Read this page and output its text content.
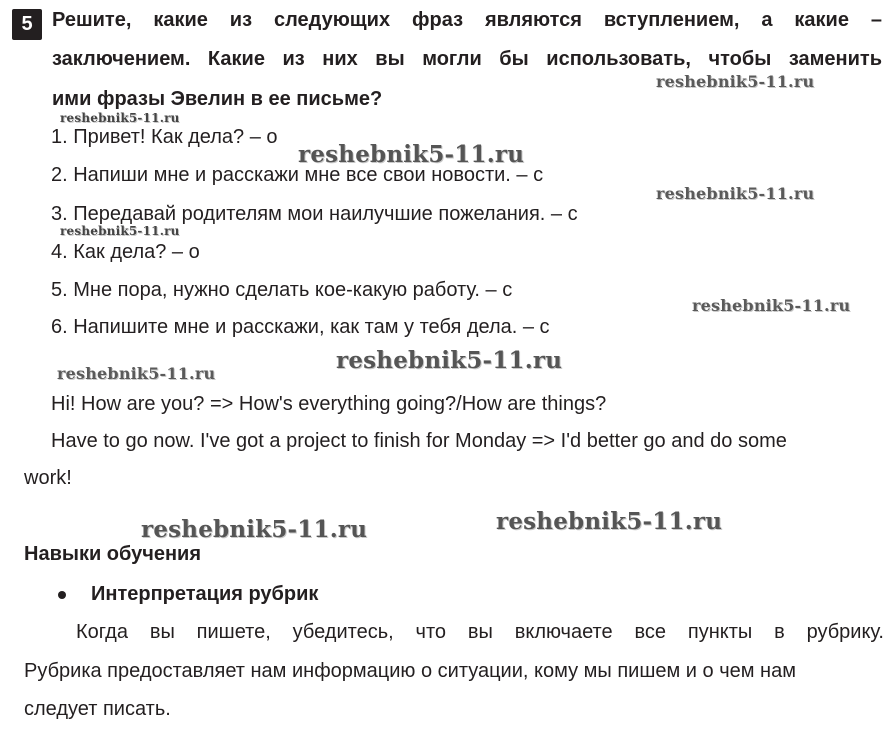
5 Решите, какие из следующих фраз являются вступлением, а какие –
заключением. Какие из них вы могли бы использовать, чтобы заменить
ими фразы Эвелин в ее письме?
1. Привет! Как дела? – о
2. Напиши мне и расскажи мне все свои новости. – с
3. Передавай родителям мои наилучшие пожелания. – с
4. Как дела? – о
5. Мне пора, нужно сделать кое-какую работу. – с
6. Напишите мне и расскажи, как там у тебя дела. – с
Hi! How are you? => How's everything going?/How are things?
Have to go now. I've got a project to finish for Monday => I'd better go and do some
work!
Навыки обучения
Интерпретация рубрик
Когда вы пишете, убедитесь, что вы включаете все пункты в рубрику.
Рубрика предоставляет нам информацию о ситуации, кому мы пишем и о чем нам
следует писать.
reshebnik5-11.ru
reshebnik5-11.ru
reshebnik5-11.ru
reshebnik5-11.ru
reshebnik5-11.ru
reshebnik5-11.ru
reshebnik5-11.ru
reshebnik5-11.ru
reshebnik5-11.ru
reshebnik5-11.ru
